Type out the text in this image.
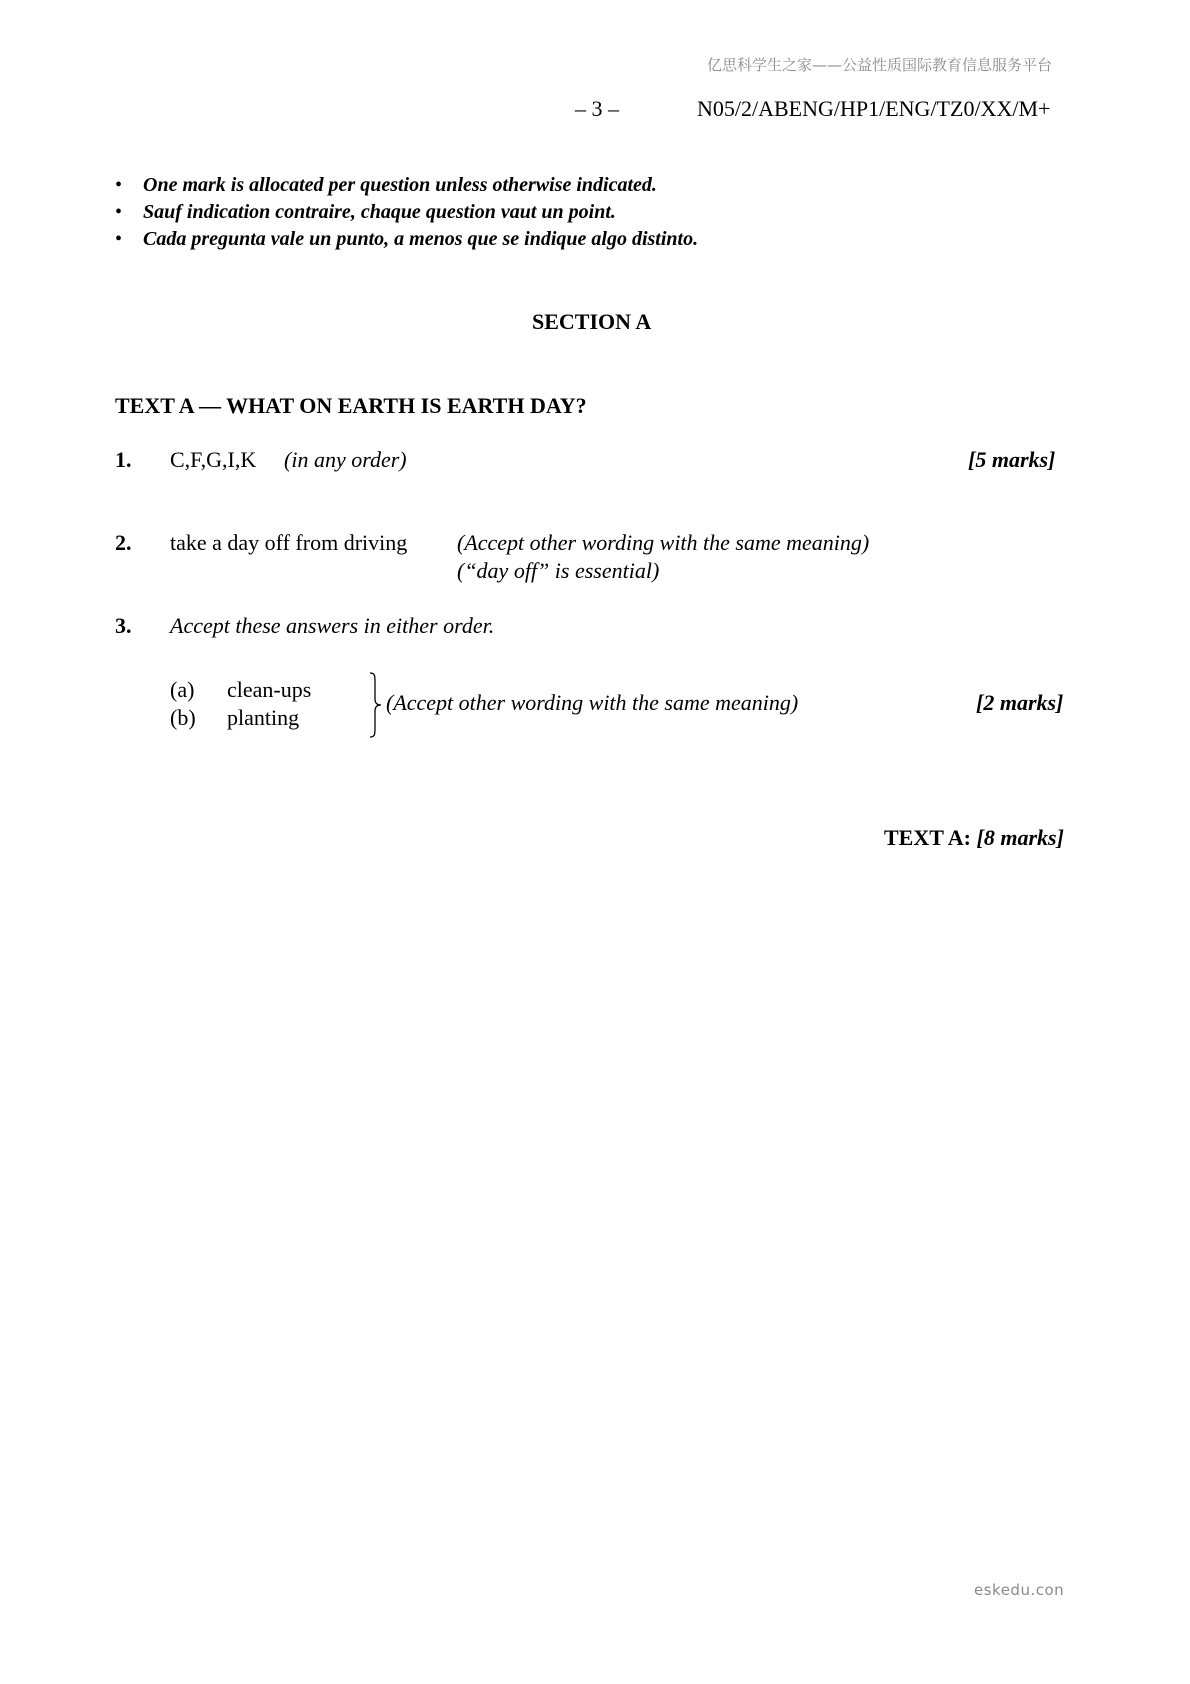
亿思科学生之家——公益性质国际教育信息服务平台
eskedu.con
– 3 –	N05/2/ABENG/HP1/ENG/TZ0/XX/M+
•	One mark is allocated per question unless otherwise indicated.
•	Sauf indication contraire, chaque question vaut un point.
•	Cada pregunta vale un punto, a menos que se indique algo distinto.
SECTION A
TEXT A — WHAT ON EARTH IS EARTH DAY?
1. C,F,G,I,K (in any order)	[5 marks]
2. take a day off from driving (Accept other wording with the same meaning)
(“day off” is essential)
3. Accept these answers in either order.
(a) clean-ups
(b) planting
(Accept other wording with the same meaning)	[2 marks]
TEXT A: [8 marks]
